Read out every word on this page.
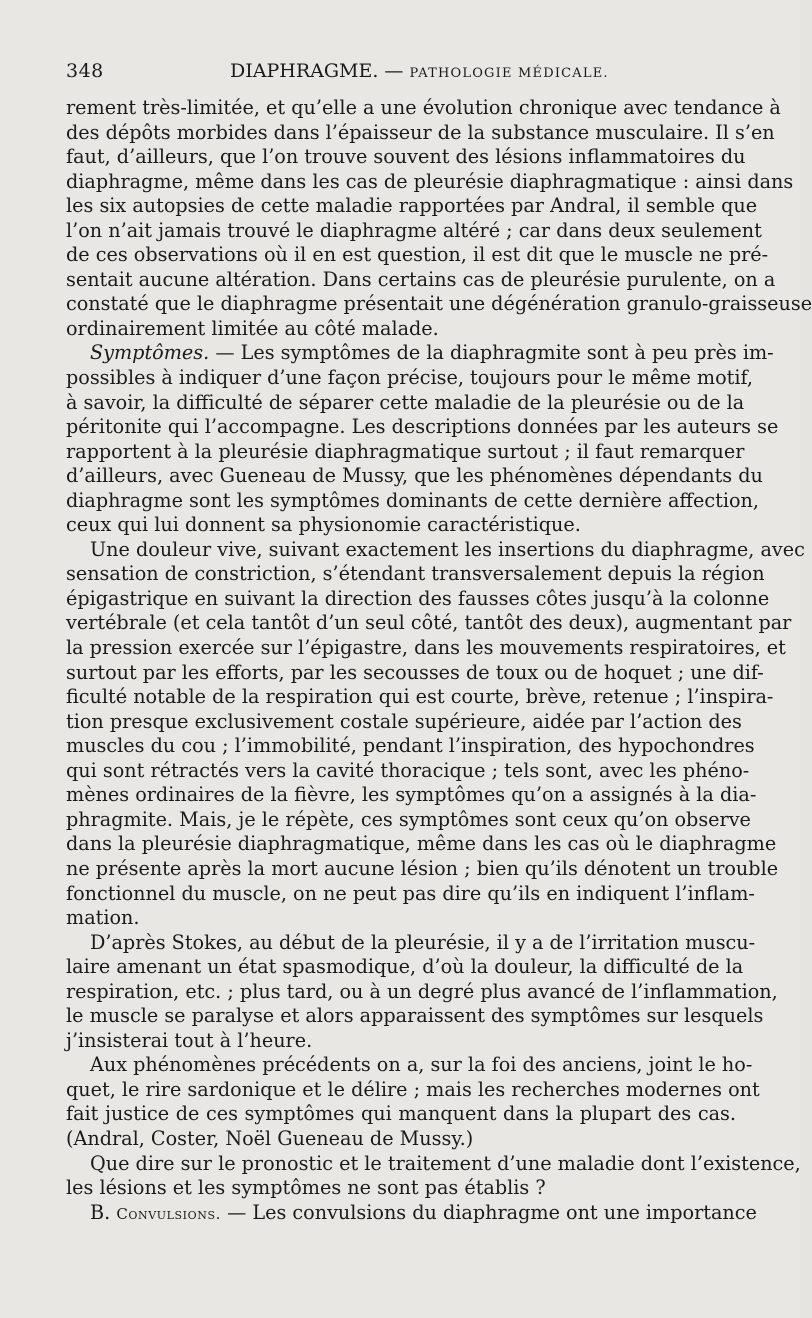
348	DIAPHRAGME. — PATHOLOGIE MÉDICALE.
rement très-limitée, et qu’elle a une évolution chronique avec tendance à
des dépôts morbides dans l’épaisseur de la substance musculaire. Il s’en
faut, d’ailleurs, que l’on trouve souvent des lésions inflammatoires du
diaphragme, même dans les cas de pleurésie diaphragmatique : ainsi dans
les six autopsies de cette maladie rapportées par Andral, il semble que
l’on n’ait jamais trouvé le diaphragme altéré ; car dans deux seulement
de ces observations où il en est question, il est dit que le muscle ne pré-
sentait aucune altération. Dans certains cas de pleurésie purulente, on a
constaté que le diaphragme présentait une dégénération granulo-graisseuse
ordinairement limitée au côté malade.
Symptômes. — Les symptômes de la diaphragmite sont à peu près im-
possibles à indiquer d’une façon précise, toujours pour le même motif,
à savoir, la difficulté de séparer cette maladie de la pleurésie ou de la
péritonite qui l’accompagne. Les descriptions données par les auteurs se
rapportent à la pleurésie diaphragmatique surtout ; il faut remarquer
d’ailleurs, avec Gueneau de Mussy, que les phénomènes dépendants du
diaphragme sont les symptômes dominants de cette dernière affection,
ceux qui lui donnent sa physionomie caractéristique.
Une douleur vive, suivant exactement les insertions du diaphragme, avec
sensation de constriction, s’étendant transversalement depuis la région
épigastrique en suivant la direction des fausses côtes jusqu’à la colonne
vertébrale (et cela tantôt d’un seul côté, tantôt des deux), augmentant par
la pression exercée sur l’épigastre, dans les mouvements respiratoires, et
surtout par les efforts, par les secousses de toux ou de hoquet ; une dif-
ficulté notable de la respiration qui est courte, brève, retenue ; l’inspira-
tion presque exclusivement costale supérieure, aidée par l’action des
muscles du cou ; l’immobilité, pendant l’inspiration, des hypochondres
qui sont rétractés vers la cavité thoracique ; tels sont, avec les phéno-
mènes ordinaires de la fièvre, les symptômes qu’on a assignés à la dia-
phragmite. Mais, je le répète, ces symptômes sont ceux qu’on observe
dans la pleurésie diaphragmatique, même dans les cas où le diaphragme
ne présente après la mort aucune lésion ; bien qu’ils dénotent un trouble
fonctionnel du muscle, on ne peut pas dire qu’ils en indiquent l’inflam-
mation.
D’après Stokes, au début de la pleurésie, il y a de l’irritation muscu-
laire amenant un état spasmodique, d’où la douleur, la difficulté de la
respiration, etc. ; plus tard, ou à un degré plus avancé de l’inflammation,
le muscle se paralyse et alors apparaissent des symptômes sur lesquels
j’insisterai tout à l’heure.
Aux phénomènes précédents on a, sur la foi des anciens, joint le ho-
quet, le rire sardonique et le délire ; mais les recherches modernes ont
fait justice de ces symptômes qui manquent dans la plupart des cas.
(Andral, Coster, Noël Gueneau de Mussy.)
Que dire sur le pronostic et le traitement d’une maladie dont l’existence,
les lésions et les symptômes ne sont pas établis ?
B. Convulsions. — Les convulsions du diaphragme ont une importance
